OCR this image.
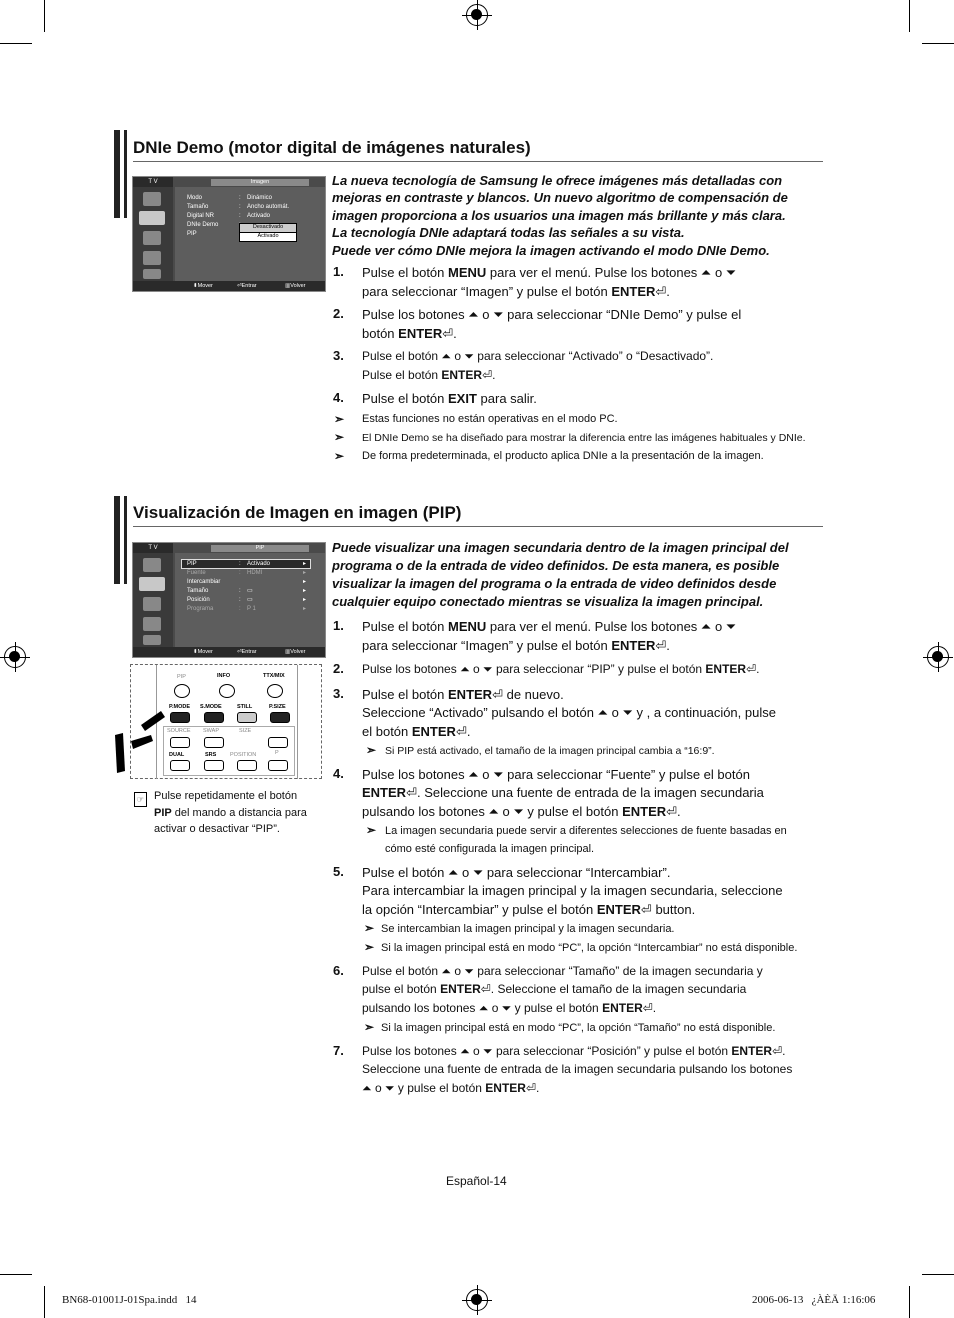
DNIe Demo (motor digital de imágenes naturales)
T V
Modo	: Dinámico
Tamaño	: Ancho automát.
Digital NR	: Activado
DNIe Demo
PIP
Desactivado
Activado
Imagen
⬍ Mover	⏎ Entrar	▥ Volver
La nueva tecnología de Samsung le ofrece imágenes más detalladas con
mejoras en contraste y blancos. Un nuevo algoritmo de compensación de
imagen proporciona a los usuarios una imagen más brillante y más clara.
La tecnología DNIe adaptará todas las señales a su vista.
Puede ver cómo DNIe mejora la imagen activando el modo DNIe Demo.
1. Pulse el botón MENU para ver el menú. Pulse los botones ⏶ o ⏷
para seleccionar “Imagen” y pulse el botón ENTER⏎.
2. Pulse los botones ⏶ o ⏷ para seleccionar “DNIe Demo” y pulse el
botón ENTER⏎.
3. Pulse el botón ⏶ o ⏷ para seleccionar “Activado” o “Desactivado”.
Pulse el botón ENTER⏎.
4. Pulse el botón EXIT para salir.
➣ Estas funciones no están operativas en el modo PC.
➣ El DNIe Demo se ha diseñado para mostrar la diferencia entre las imágenes habituales y DNIe.
➣ De forma predeterminada, el producto aplica DNIe a la presentación de la imagen.
Visualización de Imagen en imagen (PIP)
T V
PIP	: Activado	▸
Fuente	: HDMI	▸
Intercambiar	▸
Tamaño	: ▭	▸
Posición	: ▭	▸
Programa	: P 1	▸
PIP
⬍ Mover	⏎ Entrar	▥ Volver
PIP	INFO	TTX/MIX
P.MODE S.MODE	STILL	P.SIZE
SOURCE SWAP	SIZE
DUAL	SRS POSITION	P
☞ Pulse repetidamente el botón
PIP del mando a distancia para
activar o desactivar “PIP”.
Puede visualizar una imagen secundaria dentro de la imagen principal del
programa o de la entrada de video definidos. De esta manera, es posible
visualizar la imagen del programa o la entrada de video definidos desde
cualquier equipo conectado mientras se visualiza la imagen principal.
1. Pulse el botón MENU para ver el menú. Pulse los botones ⏶ o ⏷
para seleccionar “Imagen” y pulse el botón ENTER⏎.
2. Pulse los botones ⏶ o ⏷ para seleccionar “PIP” y pulse el botón ENTER⏎.
3. Pulse el botón ENTER⏎ de nuevo.
Seleccione “Activado” pulsando el botón ⏶ o ⏷ y , a continuación, pulse
el botón ENTER⏎.
➣ Si PIP está activado, el tamaño de la imagen principal cambia a “16:9”.
4. Pulse los botones ⏶ o ⏷ para seleccionar “Fuente” y pulse el botón
ENTER⏎. Seleccione una fuente de entrada de la imagen secundaria
pulsando los botones ⏶ o ⏷ y pulse el botón ENTER⏎.
➣ La imagen secundaria puede servir a diferentes selecciones de fuente basadas en
cómo esté configurada la imagen principal.
5. Pulse el botón ⏶ o ⏷ para seleccionar “Intercambiar”.
Para intercambiar la imagen principal y la imagen secundaria, seleccione
la opción “Intercambiar” y pulse el botón ENTER⏎ button.
➣ Se intercambian la imagen principal y la imagen secundaria.
➣ Si la imagen principal está en modo “PC”, la opción “Intercambiar” no está disponible.
6. Pulse el botón ⏶ o ⏷ para seleccionar “Tamaño” de la imagen secundaria y
pulse el botón ENTER⏎. Seleccione el tamaño de la imagen secundaria
pulsando los botones ⏶ o ⏷ y pulse el botón ENTER⏎.
➣ Si la imagen principal está en modo “PC”, la opción “Tamaño” no está disponible.
7. Pulse los botones ⏶ o ⏷ para seleccionar “Posición” y pulse el botón ENTER⏎.
Seleccione una fuente de entrada de la imagen secundaria pulsando los botones
⏶ o ⏷ y pulse el botón ENTER⏎.
Español-14
BN68-01001J-01Spa.indd   14	2006-06-13   ¿ÀÈÄ 1:16:06
